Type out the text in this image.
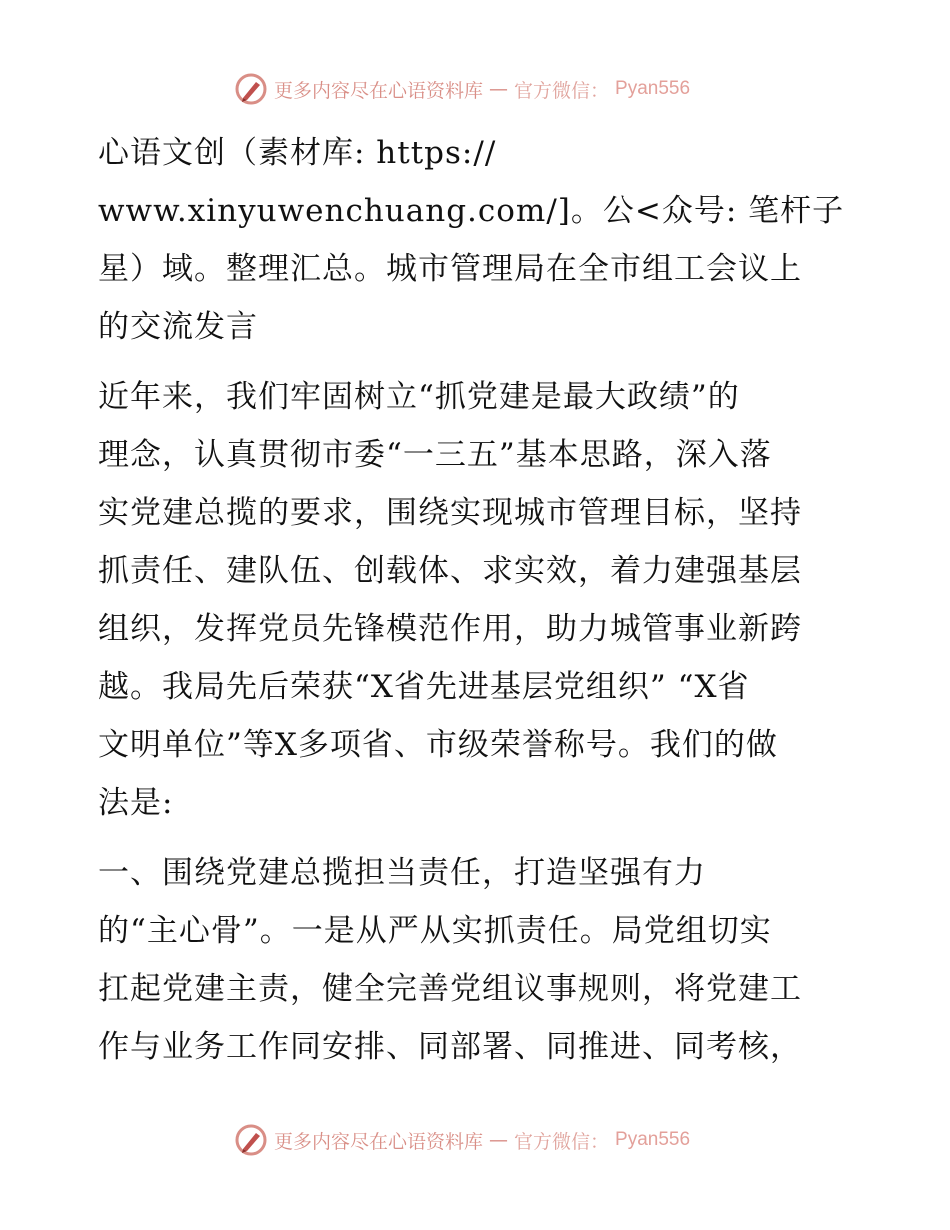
更多内容尽在心语资料库 — 官方微信： Pyan556

心语文创（素材库: https://
www.xinyuwenchuang.com/]。公<众号: 笔杆子
星）域。整理汇总。城市管理局在全市组工会议上
的交流发言

近年来，我们牢固树立“抓党建是最大政绩”的
理念，认真贯彻市委“一三五”基本思路，深入落
实党建总揽的要求，围绕实现城市管理目标，坚持
抓责任、建队伍、创载体、求实效，着力建强基层
组织，发挥党员先锋模范作用，助力城管事业新跨
越。我局先后荣获“X省先进基层党组织” “X省
文明单位”等X多项省、市级荣誉称号。我们的做
法是:

一、围绕党建总揽担当责任，打造坚强有力
的“主心骨”。一是从严从实抓责任。局党组切实
扛起党建主责，健全完善党组议事规则，将党建工
作与业务工作同安排、同部署、同推进、同考核，

更多内容尽在心语资料库 — 官方微信： Pyan556
